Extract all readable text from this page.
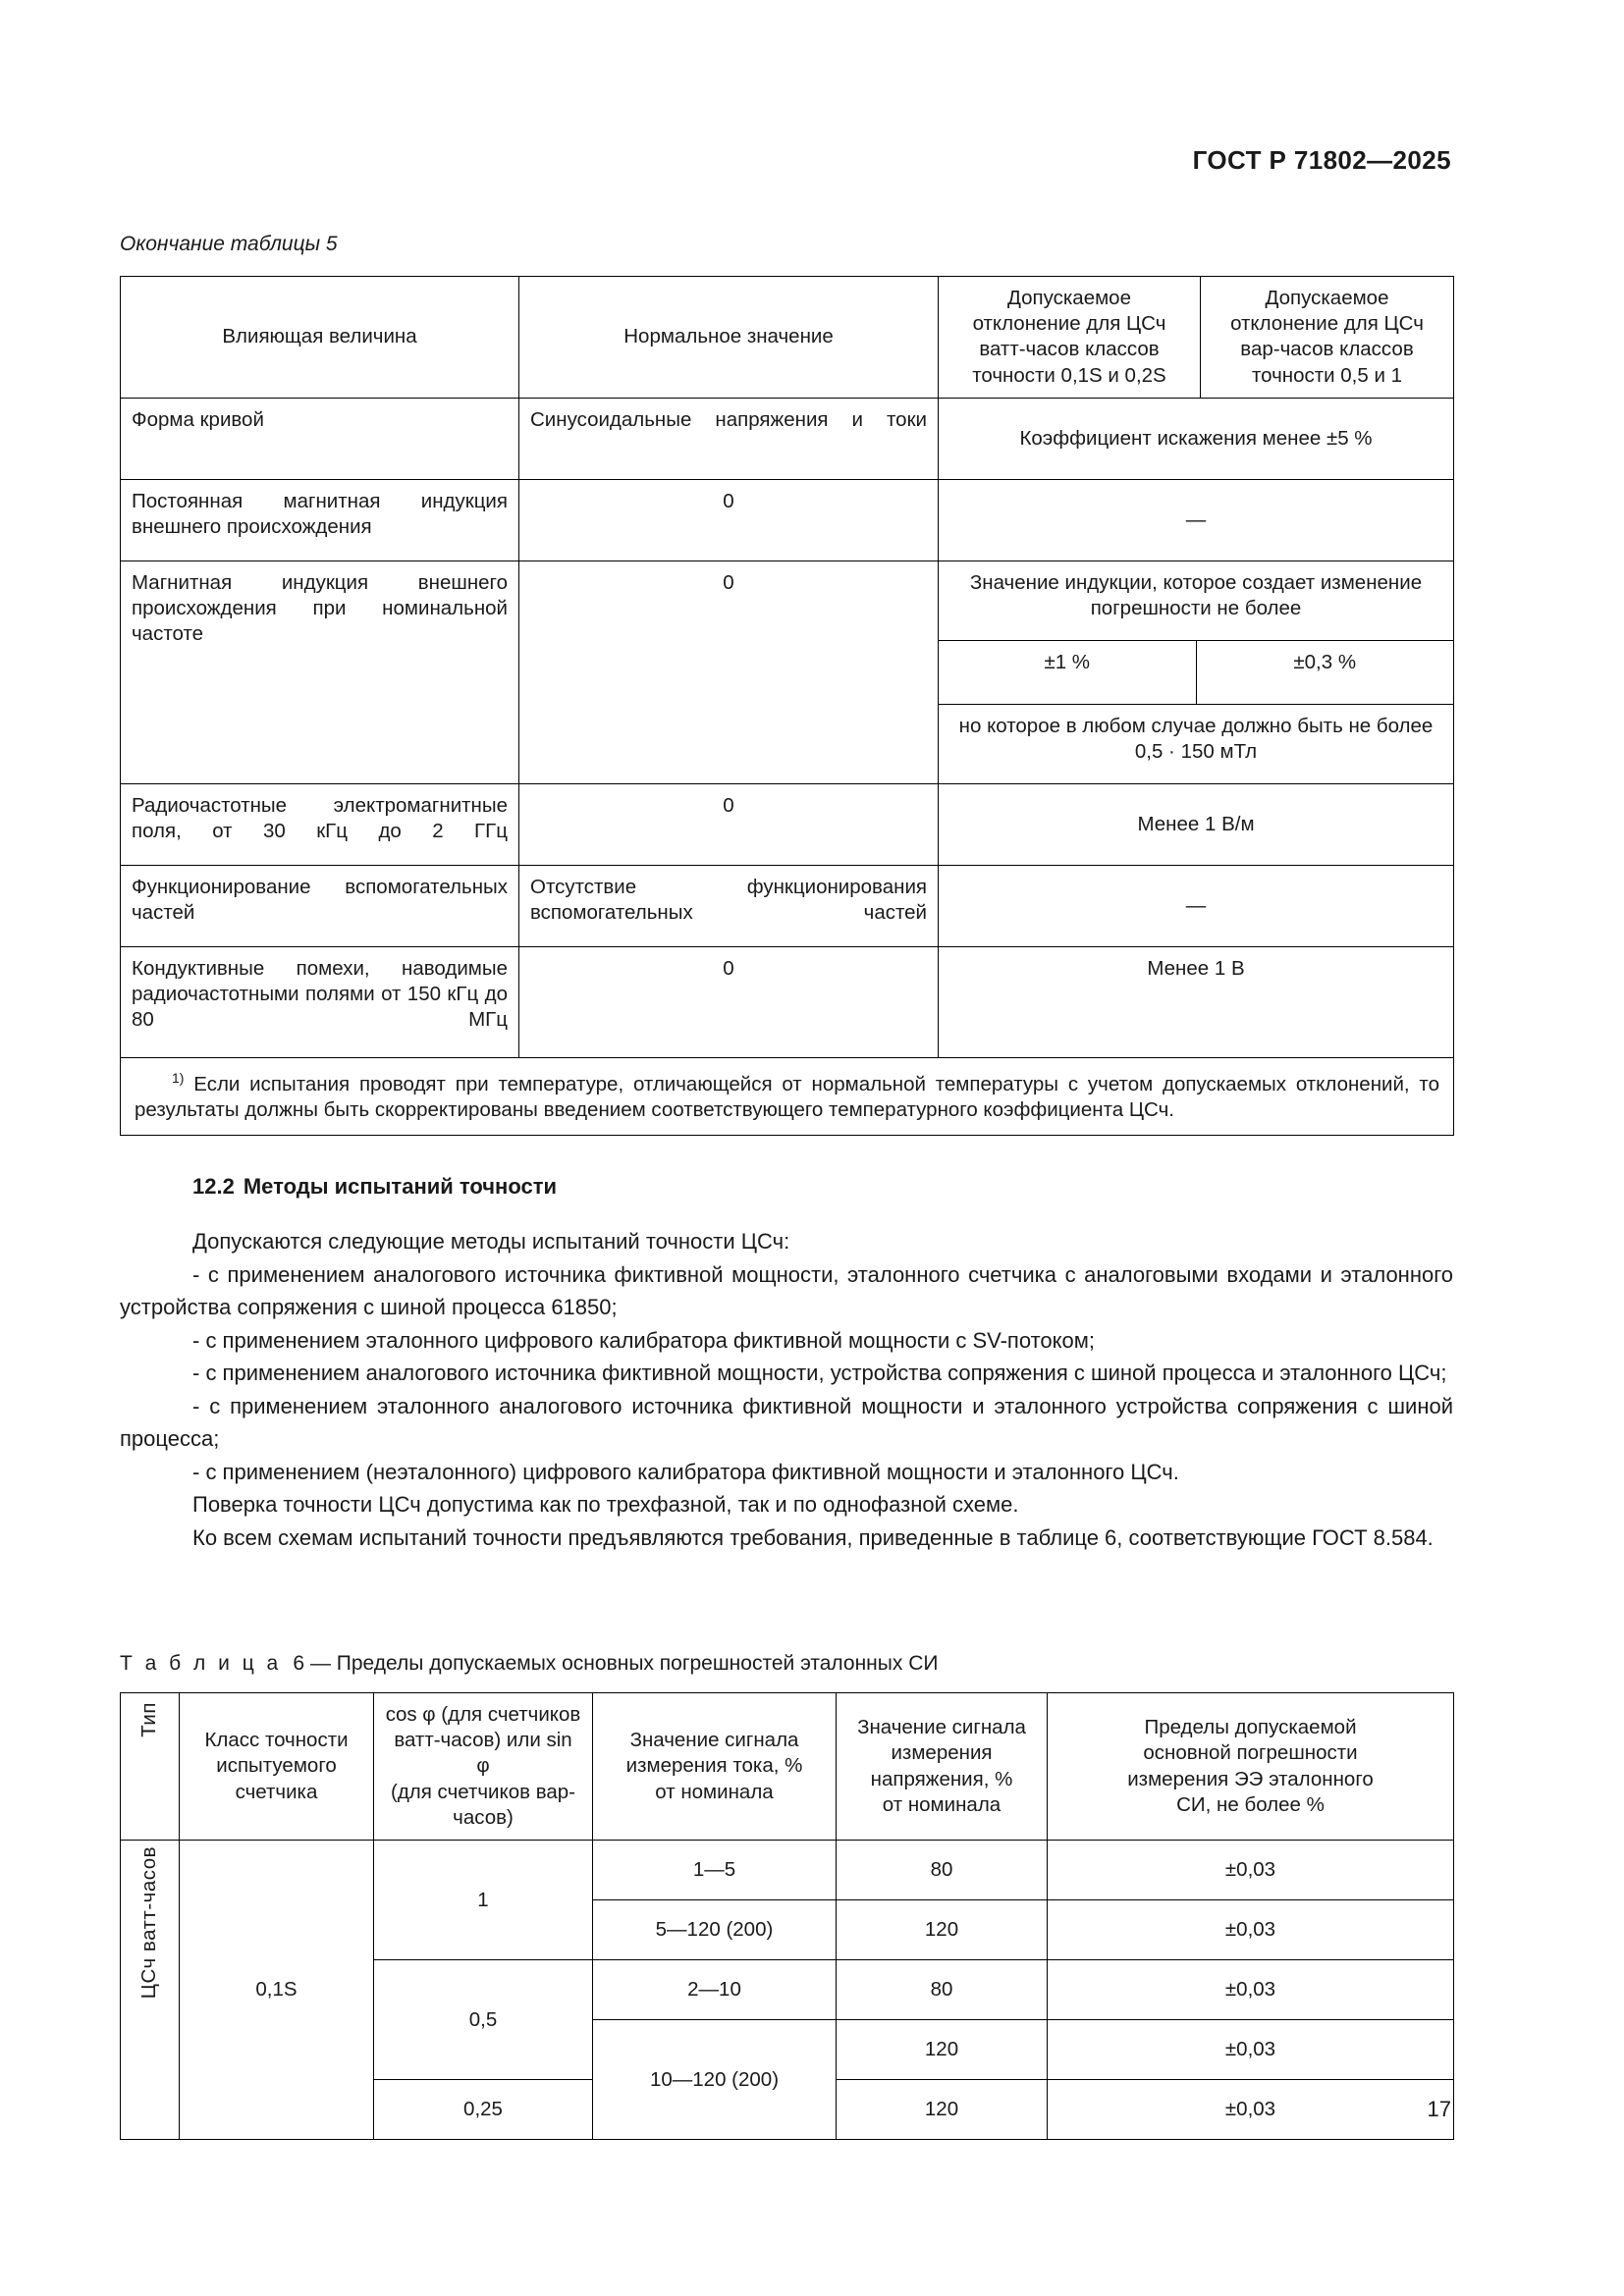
ГОСТ Р 71802—2025
Окончание таблицы 5
Влияющая величина	Нормальное значение	Допускаемое
отклонение для ЦСч
ватт-часов классов
точности 0,1S и 0,2S	Допускаемое
отклонение для ЦСч
вар-часов классов
точности 0,5 и 1
Форма кривой	Синусоидальные напряжения и токи	Коэффициент искажения менее ±5 %
Постоянная магнитная индукция внешнего происхождения	0	—
Магнитная индукция внешнего происхождения при номинальной частоте	0		Значение индукции, которое создает изменение погрешности не более
±1 %	±0,3 %
но которое в любом случае должно быть не более 0,5 · 150 мТл

Радиочастотные электромагнитные поля, от 30 кГц до 2 ГГц	0	Менее 1 В/м
Функционирование вспомогательных частей	Отсутствие функционирования вспомогательных частей	—
Кондуктивные помехи, наводимые радиочастотными полями от 150 кГц до 80 МГц	0	Менее 1 В
$^{1)}$ Если испытания проводят при температуре, отличающейся от нормальной температуры с учетом допускаемых отклонений, то результаты должны быть скорректированы введением соответствующего температурного коэффициента ЦСч.
12.2 Методы испытаний точности

Допускаются следующие методы испытаний точности ЦСч:

- с применением аналогового источника фиктивной мощности, эталонного счетчика с аналоговыми входами и эталонного устройства сопряжения с шиной процесса 61850;

- с применением эталонного цифрового калибратора фиктивной мощности с SV-потоком;

- с применением аналогового источника фиктивной мощности, устройства сопряжения с шиной процесса и эталонного ЦСч;

- с применением эталонного аналогового источника фиктивной мощности и эталонного устройства сопряжения с шиной процесса;

- с применением (неэталонного) цифрового калибратора фиктивной мощности и эталонного ЦСч.

Поверка точности ЦСч допустима как по трехфазной, так и по однофазной схеме.

Ко всем схемам испытаний точности предъявляются требования, приведенные в таблице 6, соответствующие ГОСТ 8.584.

Т а б л и ц а 6 — Пределы допускаемых основных погрешностей эталонных СИ
Тип	Класс точности
испытуемого
счетчика	cos φ (для счетчиков
ватт-часов) или sin φ
(для счетчиков вар-
часов)	Значение сигнала
измерения тока, %
от номинала	Значение сигнала
измерения
напряжения, %
от номинала	Пределы допускаемой
основной погрешности
измерения ЭЭ эталонного
СИ, не более %
ЦСч ватт-часов	0,1S	1	1—5	80	±0,03
			5—120 (200)	120	±0,03
		0,5	2—10	80	±0,03
			10—120 (200)	120	±0,03
		0,25		120	±0,03	17
